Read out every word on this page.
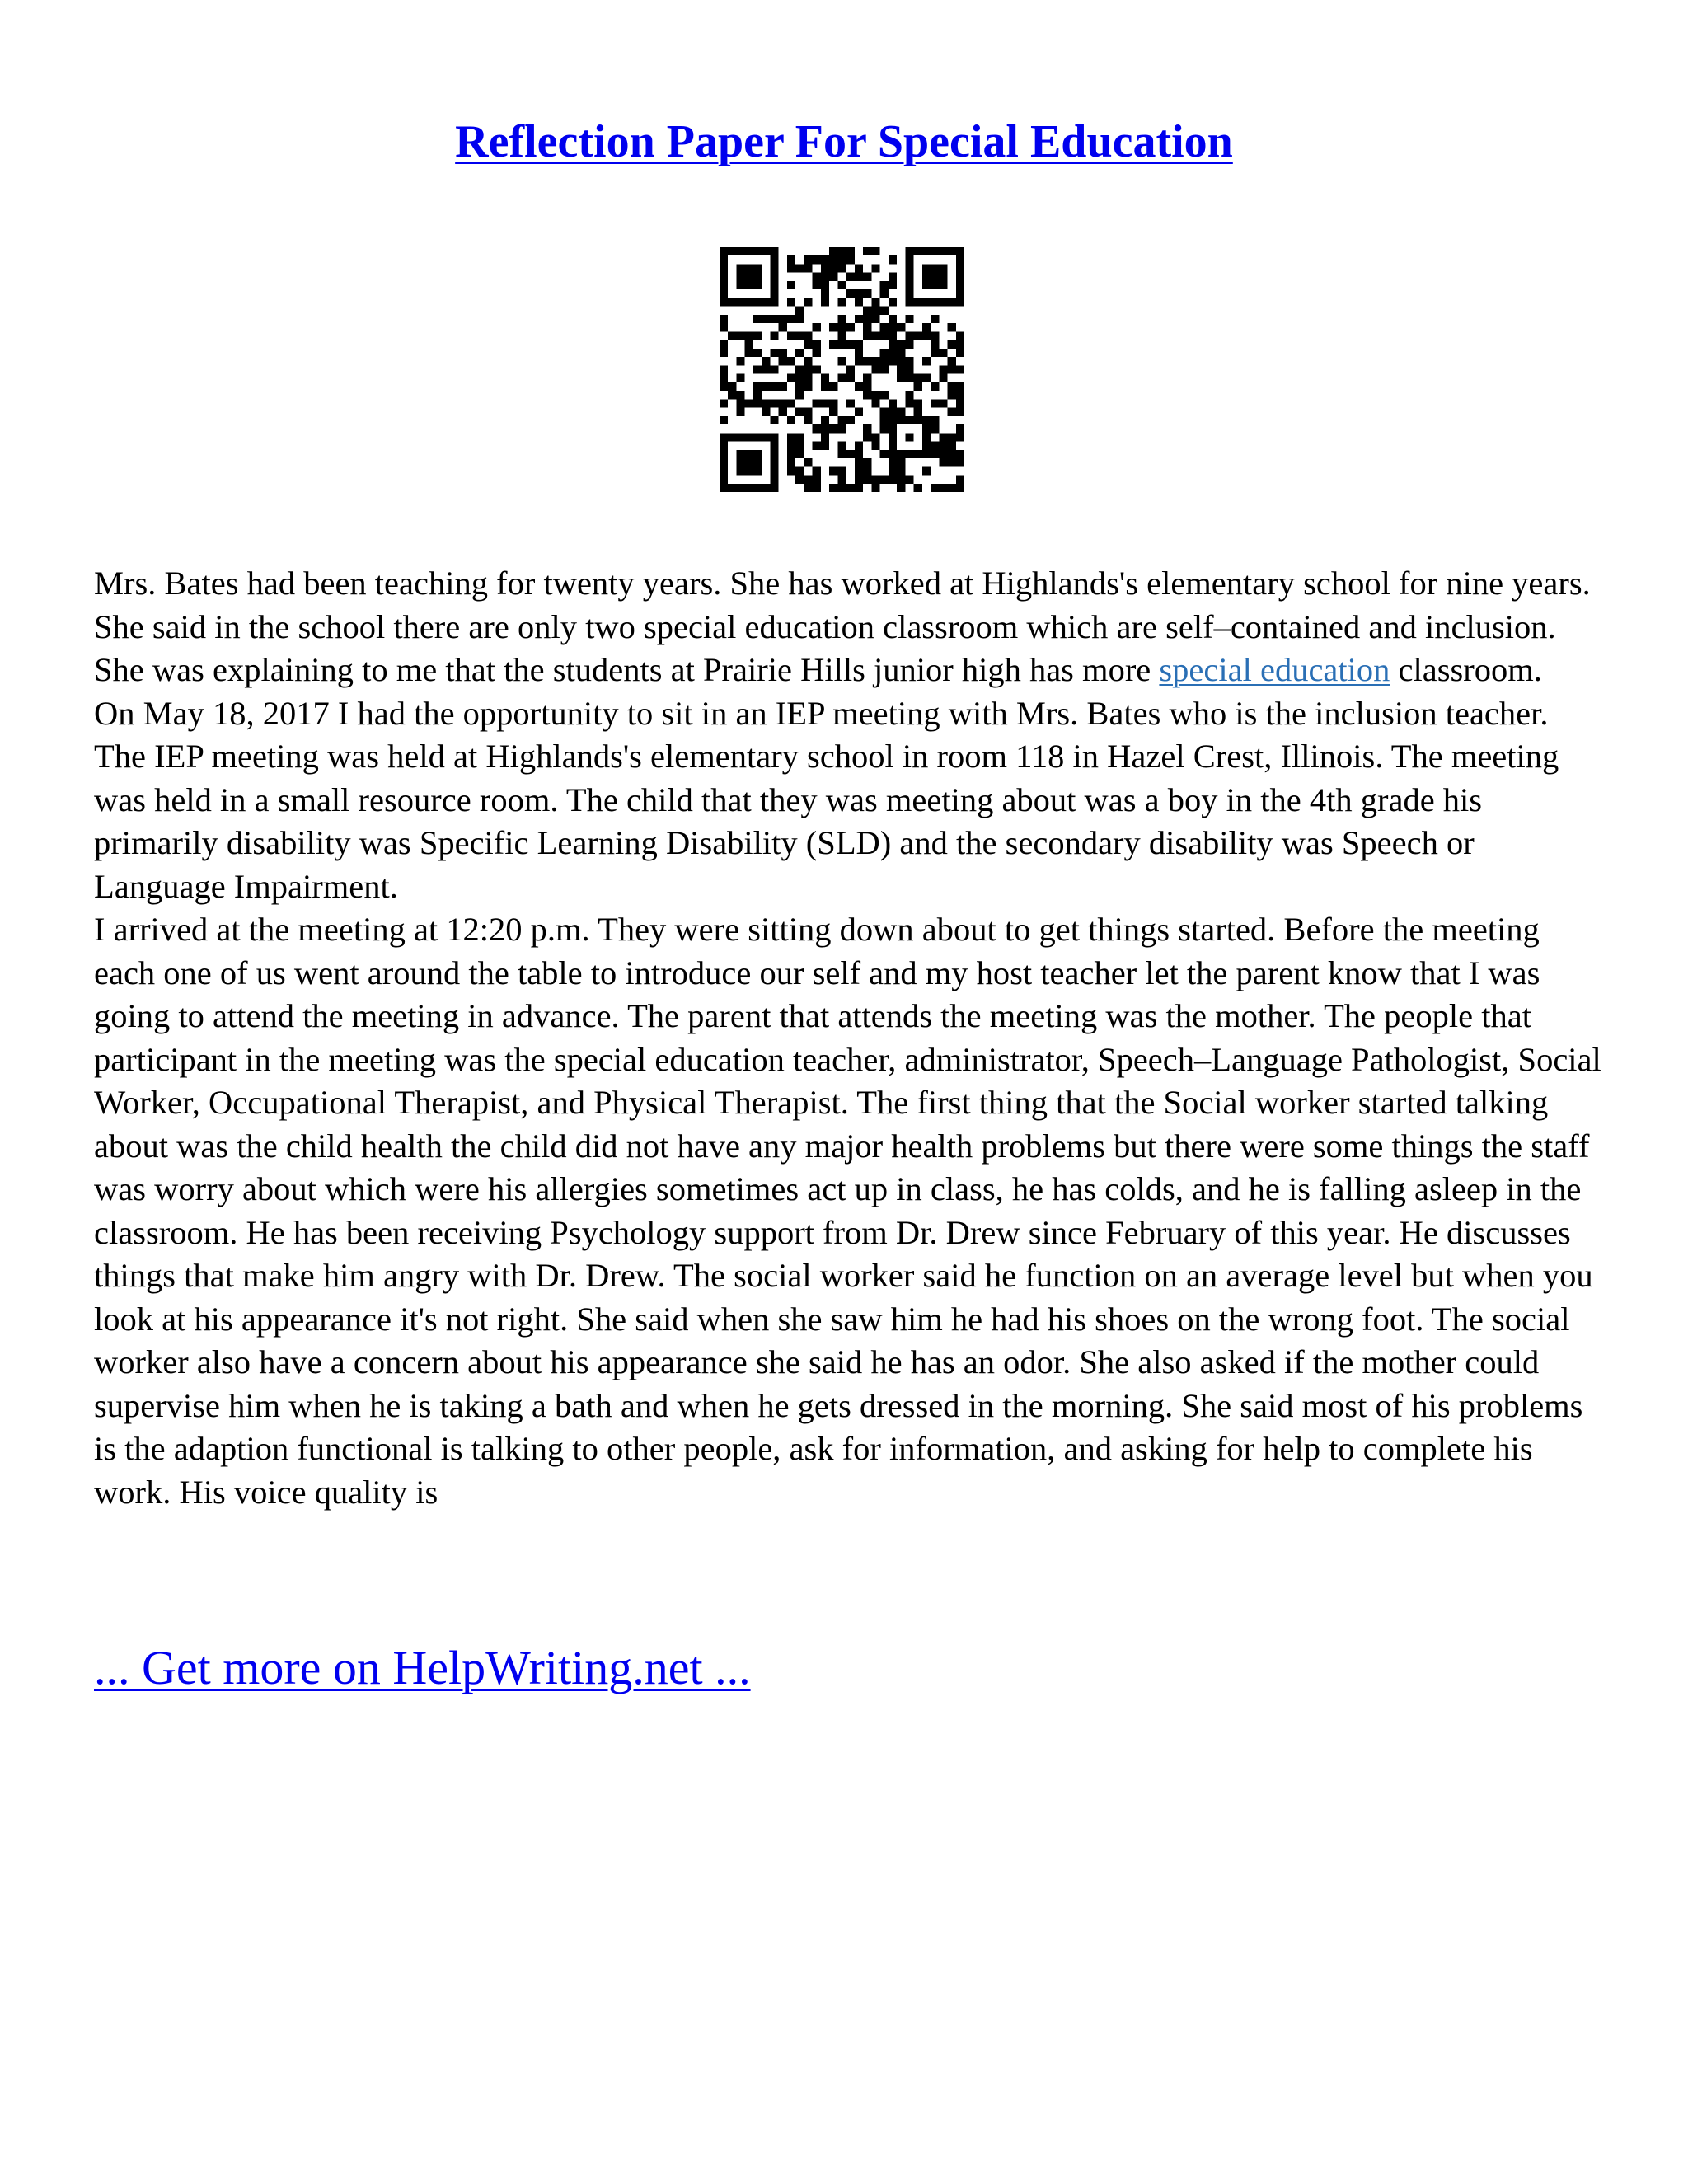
Reflection Paper For Special Education

Mrs. Bates had been teaching for twenty years. She has worked at Highlands's elementary school for nine years. She said in the school there are only two special education classroom which are self–contained and inclusion. She was explaining to me that the students at Prairie Hills junior high has more special education classroom.

On May 18, 2017 I had the opportunity to sit in an IEP meeting with Mrs. Bates who is the inclusion teacher. The IEP meeting was held at Highlands's elementary school in room 118 in Hazel Crest, Illinois. The meeting was held in a small resource room. The child that they was meeting about was a boy in the 4th grade his primarily disability was Specific Learning Disability (SLD) and the secondary disability was Speech or Language Impairment.

I arrived at the meeting at 12:20 p.m. They were sitting down about to get things started. Before the meeting each one of us went around the table to introduce our self and my host teacher let the parent know that I was going to attend the meeting in advance. The parent that attends the meeting was the mother. The people that participant in the meeting was the special education teacher, administrator, Speech–Language Pathologist, Social Worker, Occupational Therapist, and Physical Therapist. The first thing that the Social worker started talking about was the child health the child did not have any major health problems but there were some things the staff was worry about which were his allergies sometimes act up in class, he has colds, and he is falling asleep in the classroom. He has been receiving Psychology support from Dr. Drew since February of this year. He discusses things that make him angry with Dr. Drew. The social worker said he function on an average level but when you look at his appearance it's not right. She said when she saw him he had his shoes on the wrong foot. The social worker also have a concern about his appearance she said he has an odor. She also asked if the mother could supervise him when he is taking a bath and when he gets dressed in the morning. She said most of his problems is the adaption functional is talking to other people, ask for information, and asking for help to complete his work. His voice quality is

... Get more on HelpWriting.net ...
